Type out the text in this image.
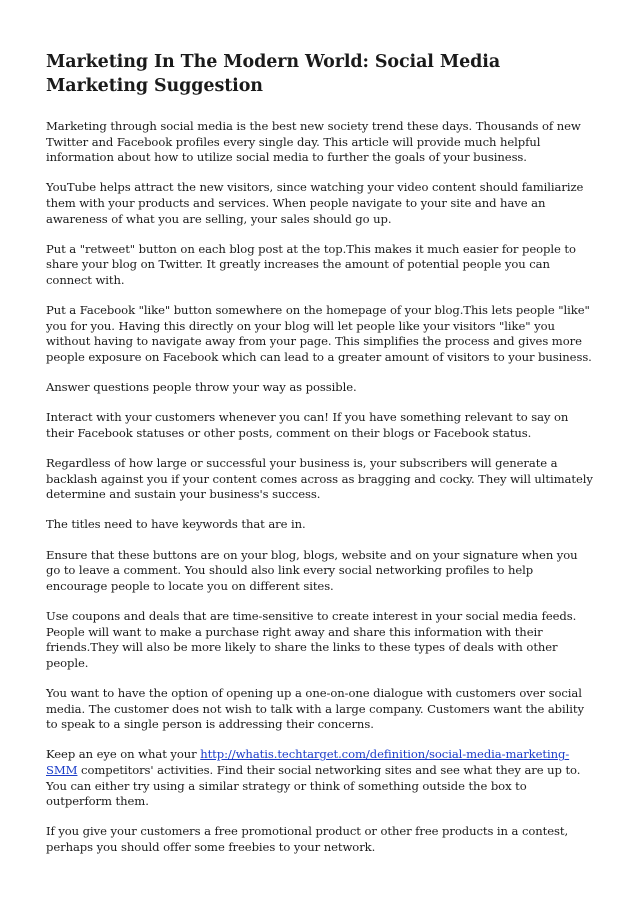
Marketing In The Modern World: Social Media Marketing Suggestion

Marketing through social media is the best new society trend these days. Thousands of new Twitter and Facebook profiles every single day. This article will provide much helpful information about how to utilize social media to further the goals of your business.

YouTube helps attract the new visitors, since watching your video content should familiarize them with your products and services. When people navigate to your site and have an awareness of what you are selling, your sales should go up.

Put a "retweet" button on each blog post at the top.This makes it much easier for people to share your blog on Twitter. It greatly increases the amount of potential people you can connect with.

Put a Facebook "like" button somewhere on the homepage of your blog.This lets people "like" you for you. Having this directly on your blog will let people like your visitors "like" you without having to navigate away from your page. This simplifies the process and gives more people exposure on Facebook which can lead to a greater amount of visitors to your business.

Answer questions people throw your way as possible.

Interact with your customers whenever you can! If you have something relevant to say on their Facebook statuses or other posts, comment on their blogs or Facebook status.

Regardless of how large or successful your business is, your subscribers will generate a backlash against you if your content comes across as bragging and cocky. They will ultimately determine and sustain your business's success.

The titles need to have keywords that are in.

Ensure that these buttons are on your blog, blogs, website and on your signature when you go to leave a comment. You should also link every social networking profiles to help encourage people to locate you on different sites.

Use coupons and deals that are time-sensitive to create interest in your social media feeds. People will want to make a purchase right away and share this information with their friends.They will also be more likely to share the links to these types of deals with other people.

You want to have the option of opening up a one-on-one dialogue with customers over social media. The customer does not wish to talk with a large company. Customers want the ability to speak to a single person is addressing their concerns.

Keep an eye on what your http://whatis.techtarget.com/definition/social-media-marketing-SMM competitors' activities. Find their social networking sites and see what they are up to. You can either try using a similar strategy or think of something outside the box to outperform them.

If you give your customers a free promotional product or other free products in a contest, perhaps you should offer some freebies to your network.
